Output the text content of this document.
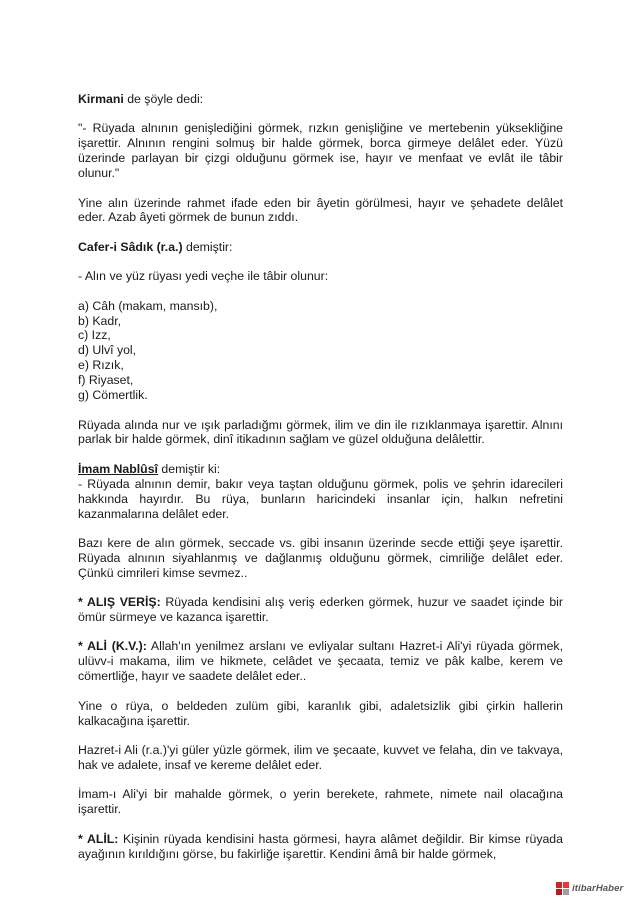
Kirmani de şöyle dedi:

"- Rüyada alnının genişlediğini görmek, rızkın genişliğine ve mertebenin yüksekliğine işarettir. Alnının rengini solmuş bir halde görmek, borca girmeye delâlet eder. Yüzü üzerinde parlayan bir çizgi olduğunu görmek ise, hayır ve menfaat ve evlât ile tâbir olunur."

Yine alın üzerinde rahmet ifade eden bir âyetin görülmesi, hayır ve şehadete delâlet eder. Azab âyeti görmek de bunun zıddı.

Cafer-i Sâdık (r.a.) demiştir:

- Alın ve yüz rüyası yedi veçhe ile tâbir olunur:

a) Câh (makam, mansıb),
b) Kadr,
c) Izz,
d) Ulvî yol,
e) Rızık,
f) Riyaset,
g) Cömertlik.

Rüyada alında nur ve ışık parladığmı görmek, ilim ve din ile rızıklanmaya işarettir. Alnını parlak bir halde görmek, dinî itikadının sağlam ve güzel olduğuna delâlettir.

İmam Nablûsî demiştir ki:

- Rüyada alnının demir, bakır veya taştan olduğunu görmek, polis ve şehrin idarecileri hakkında hayırdır. Bu rüya, bunların haricindeki insanlar için, halkın nefretini kazanmalarına delâlet eder.

Bazı kere de alın görmek, seccade vs. gibi insanın üzerinde secde ettiği şeye işarettir. Rüyada alnının siyahlanmış ve dağlanmış olduğunu görmek, cimriliğe delâlet eder. Çünkü cimrileri kimse sevmez..

* ALIŞ VERİŞ: Rüyada kendisini alış veriş ederken görmek, huzur ve saadet içinde bir ömür sürmeye ve kazanca işarettir.

* ALİ (K.V.): Allah'ın yenilmez arslanı ve evliyalar sultanı Hazret-i Ali'yi rüyada görmek, ulüvv-i makama, ilim ve hikmete, celâdet ve şecaata, temiz ve pâk kalbe, kerem ve cömertliğe, hayır ve saadete delâlet eder..

Yine o rüya, o beldeden zulüm gibi, karanlık gibi, adaletsizlik gibi çirkin hallerin kalkacağına işarettir.

Hazret-i Ali (r.a.)'yi güler yüzle görmek, ilim ve şecaate, kuvvet ve felaha, din ve takvaya, hak ve adalete, insaf ve kereme delâlet eder.

İmam-ı Ali'yi bir mahalde görmek, o yerin berekete, rahmete, nimete nail olacağına işarettir.

* ALİL: Kişinin rüyada kendisini hasta görmesi, hayra alâmet değildir. Bir kimse rüyada ayağının kırıldığını görse, bu fakirliğe işarettir. Kendini âmâ bir halde görmek,

itibarHaber
